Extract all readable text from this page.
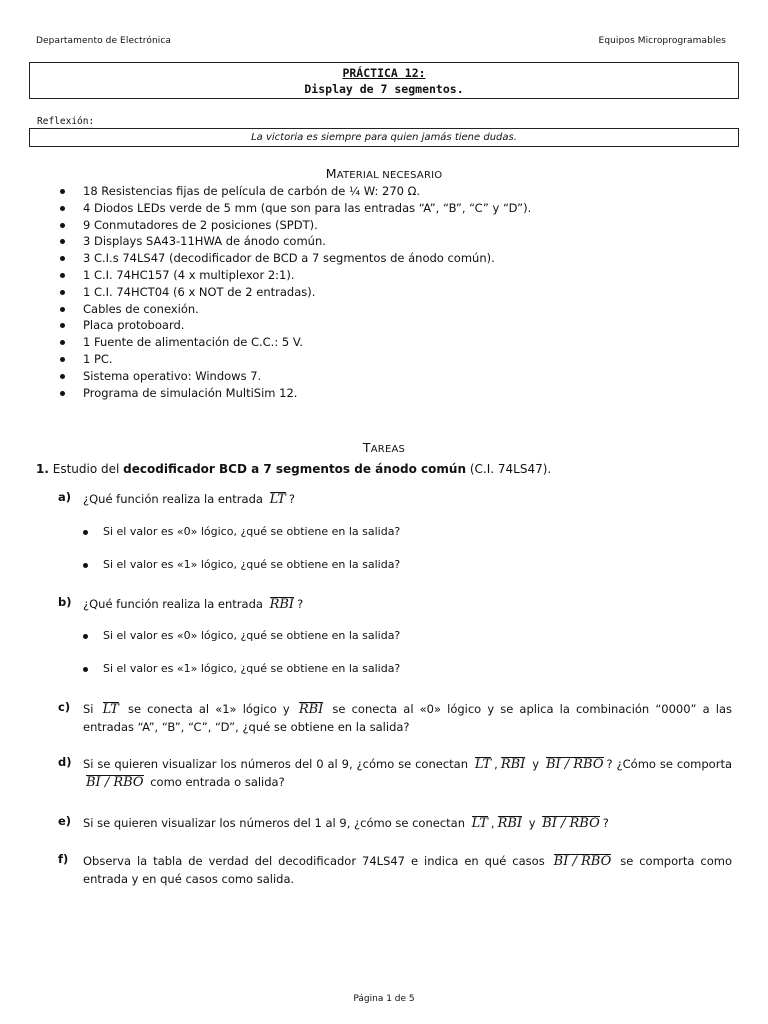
Departamento de Electrónica	Equipos Microprogramables
PRÁCTICA 12:
Display de 7 segmentos.
Reflexión:
La victoria es siempre para quien jamás tiene dudas.
MATERIAL NECESARIO
18 Resistencias fijas de película de carbón de ¼ W: 270 Ω.
4 Diodos LEDs verde de 5 mm (que son para las entradas “A”, “B”, “C” y “D”).
9 Conmutadores de 2 posiciones (SPDT).
3 Displays SA43-11HWA de ánodo común.
3 C.I.s 74LS47 (decodificador de BCD a 7 segmentos de ánodo común).
1 C.I. 74HC157 (4 x multiplexor 2:1).
1 C.I. 74HCT04 (6 x NOT de 2 entradas).
Cables de conexión.
Placa protoboard.
1 Fuente de alimentación de C.C.: 5 V.
1 PC.
Sistema operativo: Windows 7.
Programa de simulación MultiSim 12.
TAREAS
1. Estudio del decodificador BCD a 7 segmentos de ánodo común (C.I. 74LS47).
a) ¿Qué función realiza la entrada LT ?
Si el valor es «0» lógico, ¿qué se obtiene en la salida?
Si el valor es «1» lógico, ¿qué se obtiene en la salida?
b) ¿Qué función realiza la entrada RBI ?
Si el valor es «0» lógico, ¿qué se obtiene en la salida?
Si el valor es «1» lógico, ¿qué se obtiene en la salida?
c) Si LT se conecta al «1» lógico y RBI se conecta al «0» lógico y se aplica la combinación “0000” a las entradas “A”, “B”, “C”, “D”, ¿qué se obtiene en la salida?
d) Si se quieren visualizar los números del 0 al 9, ¿cómo se conectan LT , RBI y BI / RBO ? ¿Cómo se comportaBI / RBO como entrada o salida?
e) Si se quieren visualizar los números del 1 al 9, ¿cómo se conectan LT , RBI y BI / RBO ?
f) Observa la tabla de verdad del decodificador 74LS47 e indica en qué casos BI / RBO se comporta como entrada y en qué casos como salida.
Página 1 de 5
